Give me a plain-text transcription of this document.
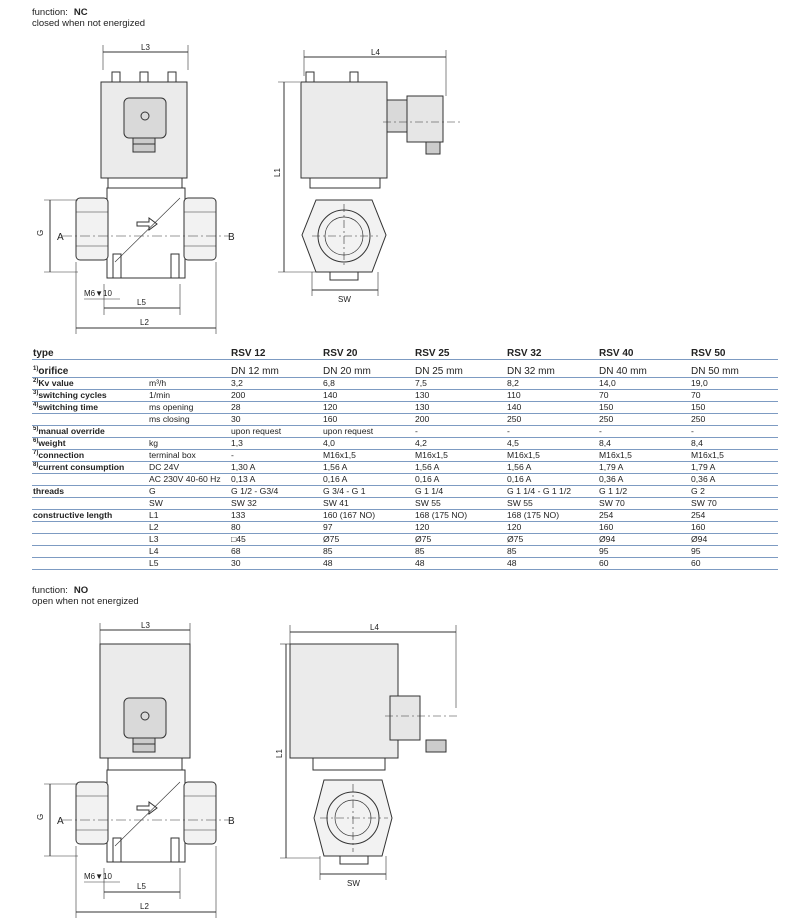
function: NC
closed when not energized
L3
G A	B
M6▼10
L5
L2
L4
L1
SW
type		RSV 12	RSV 20	RSV 25	RSV 32	RSV 40	RSV 50
$^{1)}$orifice		DN 12 mm	DN 20 mm	DN 25 mm	DN 32 mm	DN 40 mm	DN 50 mm
$^{2)}$Kv value	m³/h	3,2	6,8	7,5	8,2	14,0	19,0
$^{3)}$switching cycles	1/min	200	140	130	110	70	70
$^{4)}$switching time	ms opening	28	120	130	140	150	150
	ms closing	30	160	200	250	250	250
$^{5)}$manual override		upon request	upon request	-	-	-	-
$^{6)}$weight	kg	1,3	4,0	4,2	4,5	8,4	8,4
$^{7)}$connection	terminal box	-	M16x1,5	M16x1,5	M16x1,5	M16x1,5	M16x1,5
$^{8)}$current consumption	DC 24V	1,30 A	1,56 A	1,56 A	1,56 A	1,79 A	1,79 A
	AC 230V 40-60 Hz	0,13 A	0,16 A	0,16 A	0,16 A	0,36 A	0,36 A
threads	G	G 1/2 - G3/4	G 3/4 - G 1	G 1 1/4	G 1 1/4 - G 1 1/2	G 1 1/2	G 2
	SW	SW 32	SW 41	SW 55	SW 55	SW 70	SW 70
constructive length	L1	133	160 (167 NO)	168 (175 NO)	168 (175 NO)	254	254
	L2	80	97	120	120	160	160
	L3	□45	Ø75	Ø75	Ø75	Ø94	Ø94
	L4	68	85	85	85	95	95
	L5	30	48	48	48	60	60
function: NO
open when not energized
L3
G A	B
M6▼10
L5
L2
L4
L1
SW
